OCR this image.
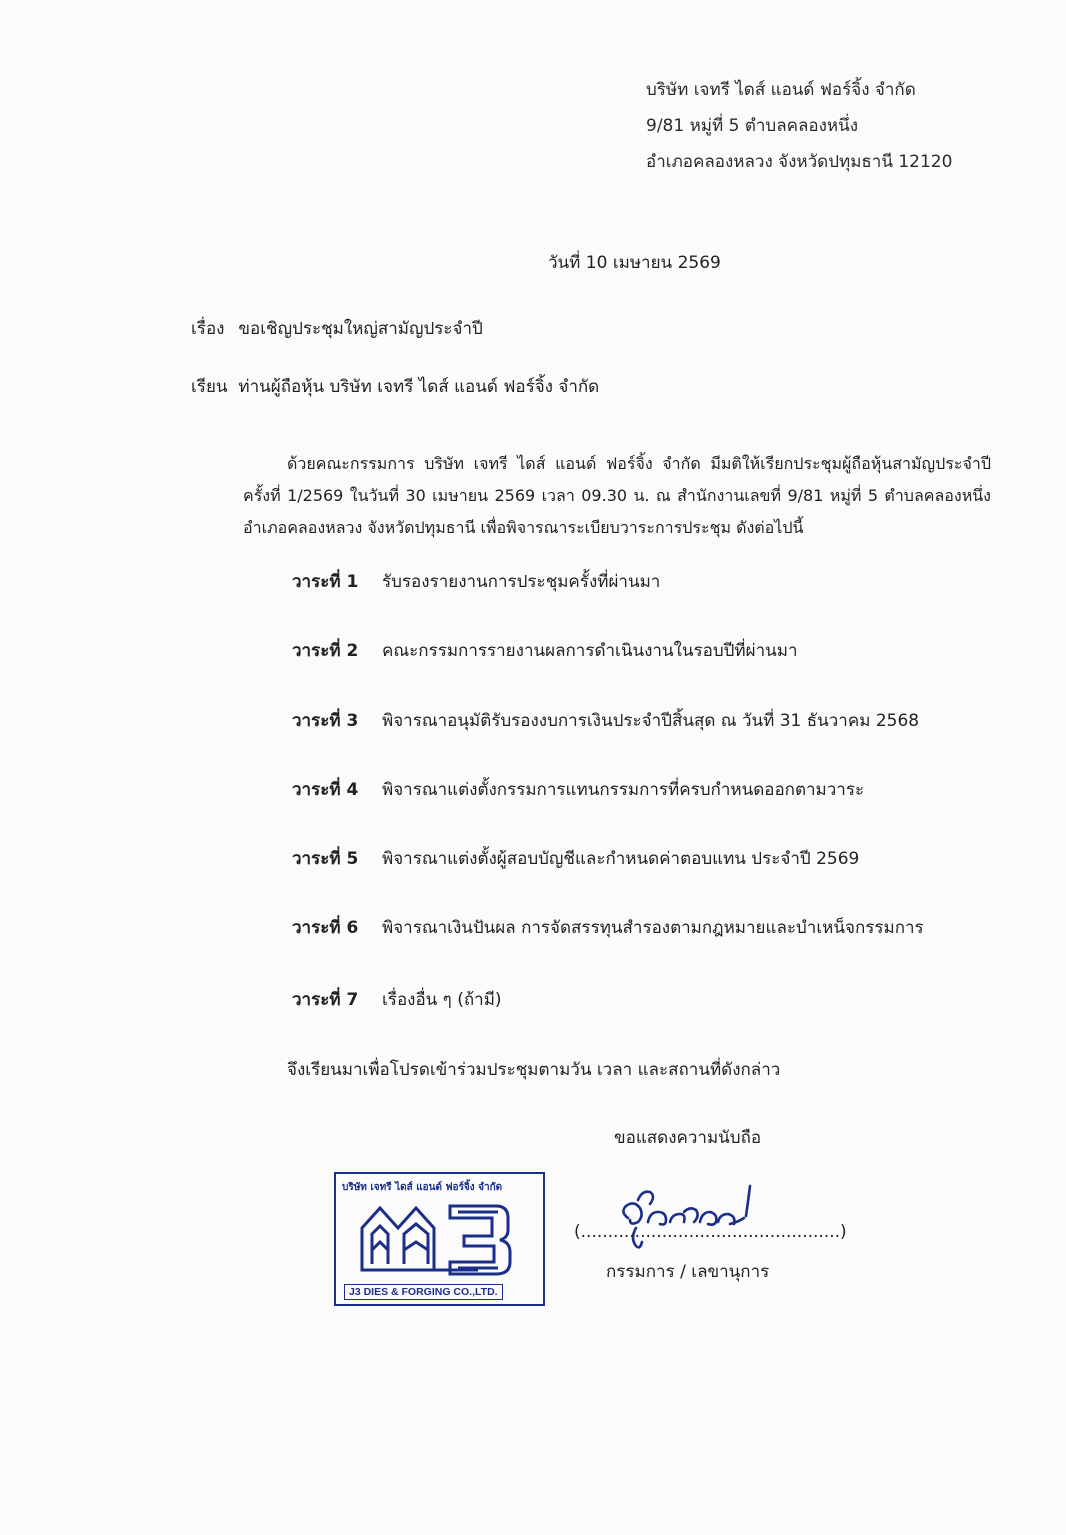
บริษัท เจทรี ไดส์ แอนด์ ฟอร์จิ้ง จำกัด
9/81 หมู่ที่ 5 ตำบลคลองหนึ่ง
อำเภอคลองหลวง จังหวัดปทุมธานี 12120
วันที่ 10 เมษายน 2569
เรื่อง ขอเชิญประชุมใหญ่สามัญประจำปี
เรียน ท่านผู้ถือหุ้น บริษัท เจทรี ไดส์ แอนด์ ฟอร์จิ้ง จำกัด
ด้วยคณะกรรมการ บริษัท เจทรี ไดส์ แอนด์ ฟอร์จิ้ง จำกัด มีมติให้เรียกประชุมผู้ถือหุ้นสามัญประจำปี ครั้งที่ 1/2569 ในวันที่ 30 เมษายน 2569 เวลา 09.30 น. ณ สำนักงานเลขที่ 9/81 หมู่ที่ 5 ตำบลคลองหนึ่ง อำเภอคลองหลวง จังหวัดปทุมธานี เพื่อพิจารณาระเบียบวาระการประชุม ดังต่อไปนี้
วาระที่ 1 รับรองรายงานการประชุมครั้งที่ผ่านมา
วาระที่ 2 คณะกรรมการรายงานผลการดำเนินงานในรอบปีที่ผ่านมา
วาระที่ 3 พิจารณาอนุมัติรับรองงบการเงินประจำปีสิ้นสุด ณ วันที่ 31 ธันวาคม 2568
วาระที่ 4 พิจารณาแต่งตั้งกรรมการแทนกรรมการที่ครบกำหนดออกตามวาระ
วาระที่ 5 พิจารณาแต่งตั้งผู้สอบบัญชีและกำหนดค่าตอบแทน ประจำปี 2569
วาระที่ 6 พิจารณาเงินปันผล การจัดสรรทุนสำรองตามกฎหมายและบำเหน็จกรรมการ
วาระที่ 7 เรื่องอื่น ๆ (ถ้ามี)
จึงเรียนมาเพื่อโปรดเข้าร่วมประชุมตามวัน เวลา และสถานที่ดังกล่าว
ขอแสดงความนับถือ
บริษัท เจทรี ไดส์ แอนด์ ฟอร์จิ้ง จำกัด
J3 DIES & FORGING CO.,LTD.
(................................................)
กรรมการ / เลขานุการ
